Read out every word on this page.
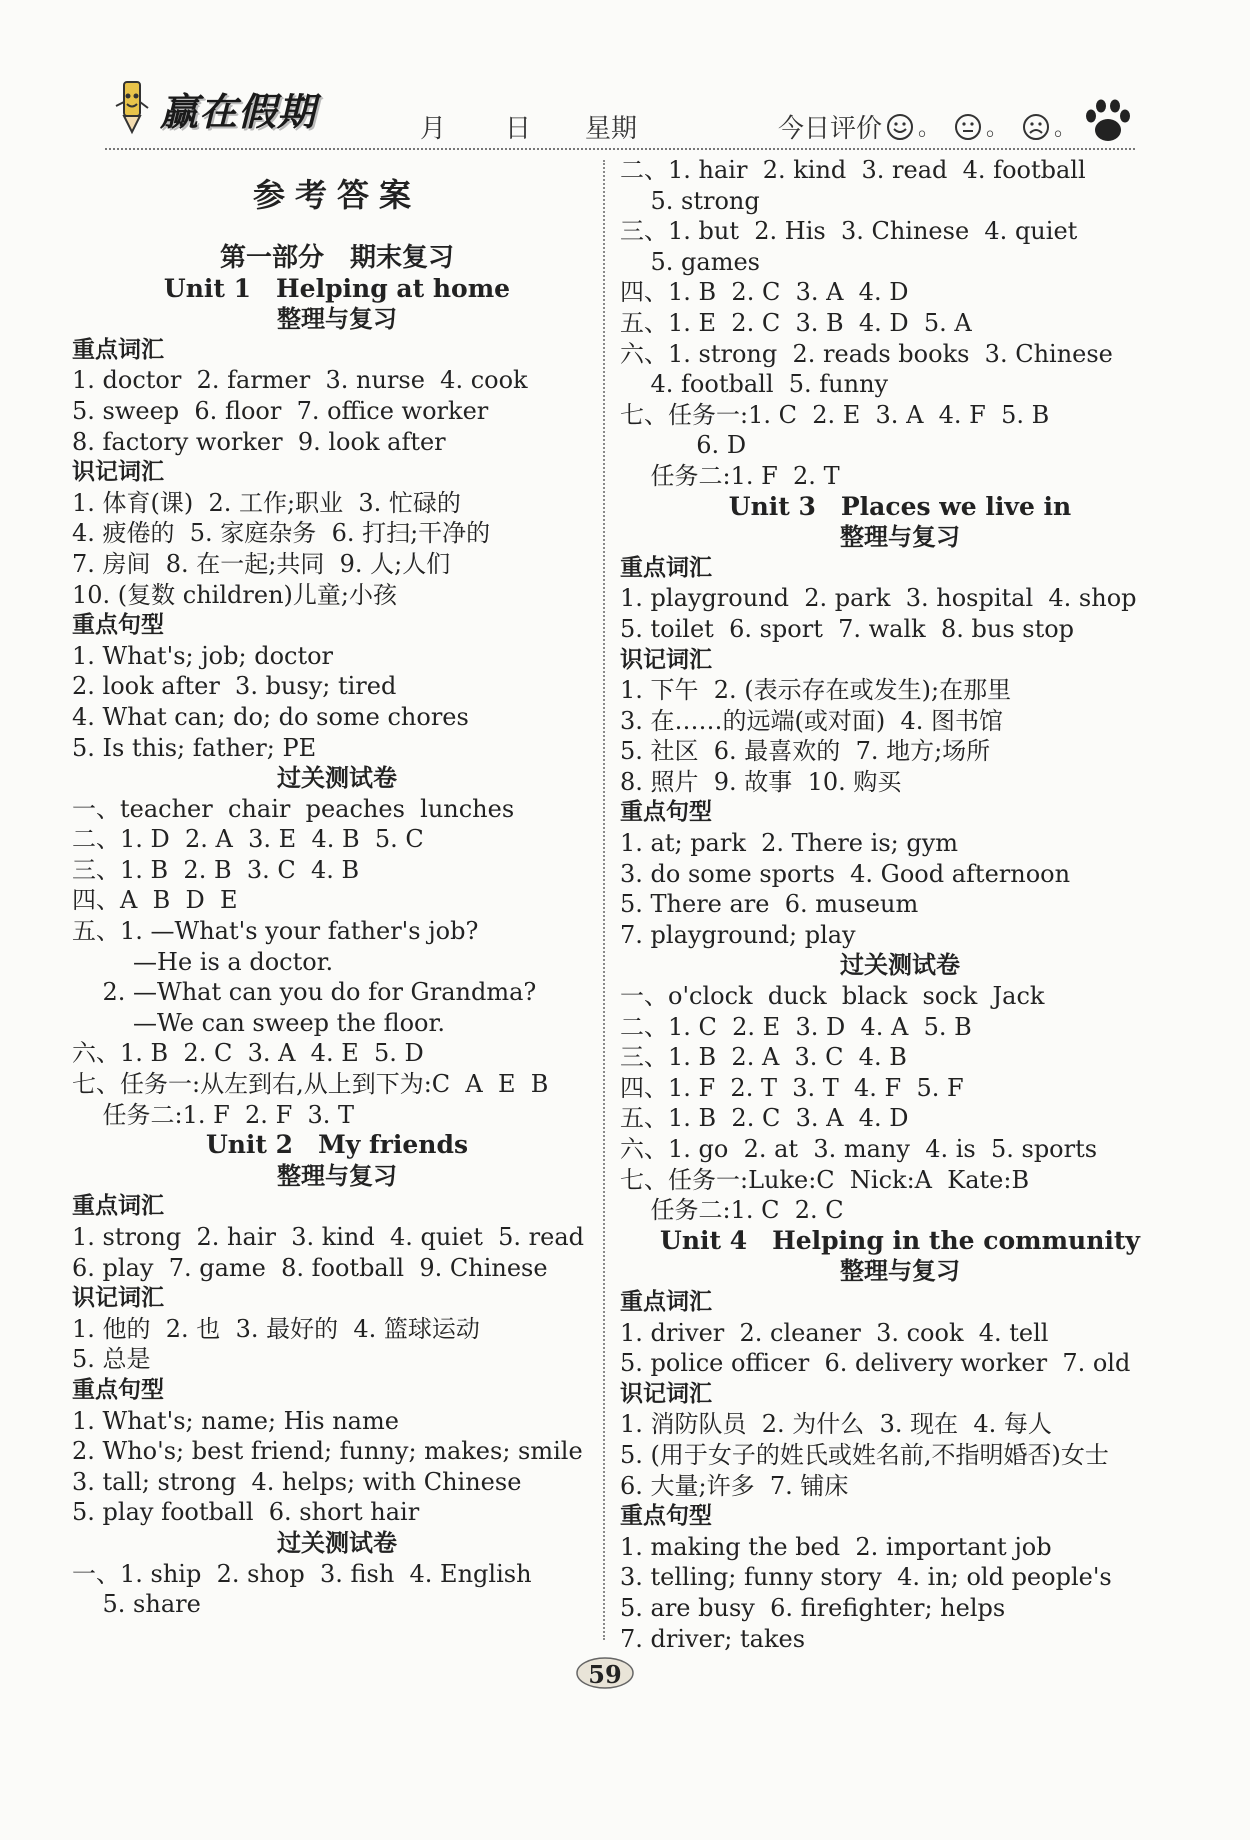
赢在假期	月 日 星期	今日评价 。 。 。
参考答案
第一部分　期末复习
Unit 1　Helping at home
整理与复习
重点词汇
1. doctor  2. farmer  3. nurse  4. cook
5. sweep  6. floor  7. office worker
8. factory worker  9. look after
识记词汇
1. 体育(课)  2. 工作;职业  3. 忙碌的
4. 疲倦的  5. 家庭杂务  6. 打扫;干净的
7. 房间  8. 在一起;共同  9. 人;人们
10. (复数 children)儿童;小孩
重点句型
1. What's; job; doctor
2. look after  3. busy; tired
4. What can; do; do some chores
5. Is this; father; PE
过关测试卷
一、teacher  chair  peaches  lunches
二、1. D  2. A  3. E  4. B  5. C
三、1. B  2. B  3. C  4. B
四、A  B  D  E
五、1. —What's your father's job?
—He is a doctor.
2. —What can you do for Grandma?
—We can sweep the floor.
六、1. B  2. C  3. A  4. E  5. D
七、任务一:从左到右,从上到下为:C  A  E  B
任务二:1. F  2. F  3. T
Unit 2　My friends
整理与复习
重点词汇
1. strong  2. hair  3. kind  4. quiet  5. read
6. play  7. game  8. football  9. Chinese
识记词汇
1. 他的  2. 也  3. 最好的  4. 篮球运动
5. 总是
重点句型
1. What's; name; His name
2. Who's; best friend; funny; makes; smile
3. tall; strong  4. helps; with Chinese
5. play football  6. short hair
过关测试卷
一、1. ship  2. shop  3. fish  4. English
5. share
二、1. hair  2. kind  3. read  4. football
5. strong
三、1. but  2. His  3. Chinese  4. quiet
5. games
四、1. B  2. C  3. A  4. D
五、1. E  2. C  3. B  4. D  5. A
六、1. strong  2. reads books  3. Chinese
4. football  5. funny
七、任务一:1. C  2. E  3. A  4. F  5. B
6. D
任务二:1. F  2. T
Unit 3　Places we live in
整理与复习
重点词汇
1. playground  2. park  3. hospital  4. shop
5. toilet  6. sport  7. walk  8. bus stop
识记词汇
1. 下午  2. (表示存在或发生);在那里
3. 在……的远端(或对面)  4. 图书馆
5. 社区  6. 最喜欢的  7. 地方;场所
8. 照片  9. 故事  10. 购买
重点句型
1. at; park  2. There is; gym
3. do some sports  4. Good afternoon
5. There are  6. museum
7. playground; play
过关测试卷
一、o'clock  duck  black  sock  Jack
二、1. C  2. E  3. D  4. A  5. B
三、1. B  2. A  3. C  4. B
四、1. F  2. T  3. T  4. F  5. F
五、1. B  2. C  3. A  4. D
六、1. go  2. at  3. many  4. is  5. sports
七、任务一:Luke:C  Nick:A  Kate:B
任务二:1. C  2. C
Unit 4　Helping in the community
整理与复习
重点词汇
1. driver  2. cleaner  3. cook  4. tell
5. police officer  6. delivery worker  7. old
识记词汇
1. 消防队员  2. 为什么  3. 现在  4. 每人
5. (用于女子的姓氏或姓名前,不指明婚否)女士
6. 大量;许多  7. 铺床
重点句型
1. making the bed  2. important job
3. telling; funny story  4. in; old people's
5. are busy  6. firefighter; helps
7. driver; takes
59
